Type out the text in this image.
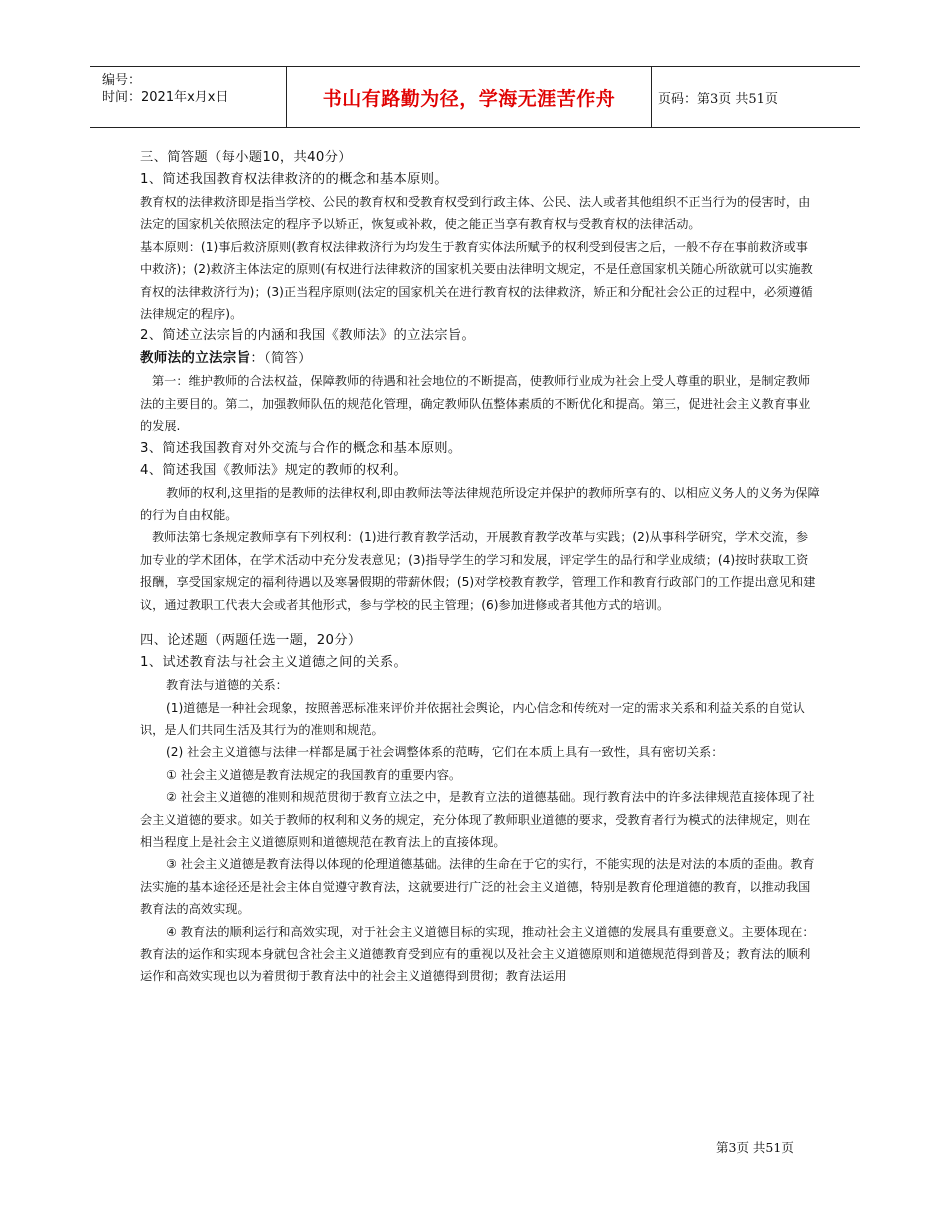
编号：
时间：2021年x月x日	书山有路勤为径，学海无涯苦作舟	页码：第3页 共51页

三、简答题（每小题10，共40分）

1、简述我国教育权法律救济的的概念和基本原则。

教育权的法律救济即是指当学校、公民的教育权和受教育权受到行政主体、公民、法人或者其他组织不正当行为的侵害时，由法定的国家机关依照法定的程序予以矫正，恢复或补救，使之能正当享有教育权与受教育权的法律活动。

基本原则：(1)事后救济原则(教育权法律救济行为均发生于教育实体法所赋予的权利受到侵害之后，一般不存在事前救济或事中救济)；(2)救济主体法定的原则(有权进行法律救济的国家机关要由法律明文规定，不是任意国家机关随心所欲就可以实施教育权的法律救济行为)；(3)正当程序原则(法定的国家机关在进行教育权的法律救济，矫正和分配社会公正的过程中，必须遵循法律规定的程序)。

2、简述立法宗旨的内涵和我国《教师法》的立法宗旨。

教师法的立法宗旨：（简答）

第一：维护教师的合法权益，保障教师的待遇和社会地位的不断提高，使教师行业成为社会上受人尊重的职业，是制定教师法的主要目的。第二，加强教师队伍的规范化管理，确定教师队伍整体素质的不断优化和提高。第三，促进社会主义教育事业的发展.

3、简述我国教育对外交流与合作的概念和基本原则。

4、简述我国《教师法》规定的教师的权利。

教师的权利,这里指的是教师的法律权利,即由教师法等法律规范所设定并保护的教师所享有的、以相应义务人的义务为保障的行为自由权能。

教师法第七条规定教师享有下列权利：(1)进行教育教学活动，开展教育教学改革与实践；(2)从事科学研究，学术交流，参加专业的学术团体，在学术活动中充分发表意见；(3)指导学生的学习和发展，评定学生的品行和学业成绩；(4)按时获取工资报酬，享受国家规定的福利待遇以及寒暑假期的带薪休假；(5)对学校教育教学，管理工作和教育行政部门的工作提出意见和建议，通过教职工代表大会或者其他形式，参与学校的民主管理；(6)参加进修或者其他方式的培训。

四、论述题（两题任选一题，20分）

1、试述教育法与社会主义道德之间的关系。

教育法与道德的关系：

(1)道德是一种社会现象，按照善恶标准来评价并依据社会舆论，内心信念和传统对一定的需求关系和利益关系的自觉认识，是人们共同生活及其行为的准则和规范。

(2) 社会主义道德与法律一样都是属于社会调整体系的范畴，它们在本质上具有一致性，具有密切关系：

① 社会主义道德是教育法规定的我国教育的重要内容。

② 社会主义道德的准则和规范贯彻于教育立法之中，是教育立法的道德基础。现行教育法中的许多法律规范直接体现了社会主义道德的要求。如关于教师的权利和义务的规定，充分体现了教师职业道德的要求，受教育者行为模式的法律规定，则在相当程度上是社会主义道德原则和道德规范在教育法上的直接体现。

③ 社会主义道德是教育法得以体现的伦理道德基础。法律的生命在于它的实行，不能实现的法是对法的本质的歪曲。教育法实施的基本途径还是社会主体自觉遵守教育法，这就要进行广泛的社会主义道德，特别是教育伦理道德的教育，以推动我国教育法的高效实现。

④ 教育法的顺利运行和高效实现，对于社会主义道德目标的实现，推动社会主义道德的发展具有重要意义。主要体现在：教育法的运作和实现本身就包含社会主义道德教育受到应有的重视以及社会主义道德原则和道德规范得到普及；教育法的顺利运作和高效实现也以为着贯彻于教育法中的社会主义道德得到贯彻；教育法运用

第3页 共51页
